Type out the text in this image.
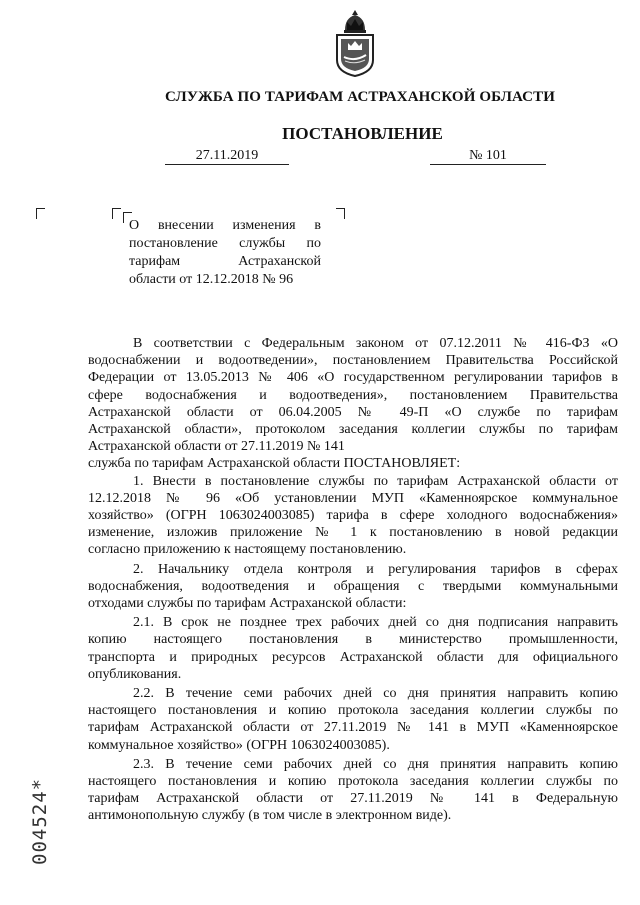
СЛУЖБА ПО ТАРИФАМ АСТРАХАНСКОЙ ОБЛАСТИ
ПОСТАНОВЛЕНИЕ
27.11.2019	№ 101
О внесении изменения в
постановление службы по
тарифам Астраханской
области от 12.12.2018 № 96
В соответствии с Федеральным законом от 07.12.2011 № 416-ФЗ «О
водоснабжении и водоотведении», постановлением Правительства Российской
Федерации от 13.05.2013 № 406 «О государственном регулировании тарифов в
сфере водоснабжения и водоотведения», постановлением Правительства
Астраханской области от 06.04.2005 № 49-П «О службе по тарифам
Астраханской области», протоколом заседания коллегии службы по тарифам
Астраханской области от 27.11.2019 № 141
служба по тарифам Астраханской области ПОСТАНОВЛЯЕТ:
1. Внести в постановление службы по тарифам Астраханской области от
12.12.2018 № 96 «Об установлении МУП «Каменноярское коммунальное
хозяйство» (ОГРН 1063024003085) тарифа в сфере холодного водоснабжения»
изменение, изложив приложение № 1 к постановлению в новой редакции
согласно приложению к настоящему постановлению.
2. Начальнику отдела контроля и регулирования тарифов в сферах
водоснабжения, водоотведения и обращения с твердыми коммунальными
отходами службы по тарифам Астраханской области:
2.1. В срок не позднее трех рабочих дней со дня подписания направить
копию настоящего постановления в министерство промышленности,
транспорта и природных ресурсов Астраханской области для официального
опубликования.
2.2. В течение семи рабочих дней со дня принятия направить копию
настоящего постановления и копию протокола заседания коллегии службы по
тарифам Астраханской области от 27.11.2019 № 141 в МУП «Каменноярское
коммунальное хозяйство» (ОГРН 1063024003085).
2.3. В течение семи рабочих дней со дня принятия направить копию
настоящего постановления и копию протокола заседания коллегии службы по
тарифам Астраханской области от 27.11.2019 № 141 в Федеральную
антимонопольную службу (в том числе в электронном виде).
004524*
